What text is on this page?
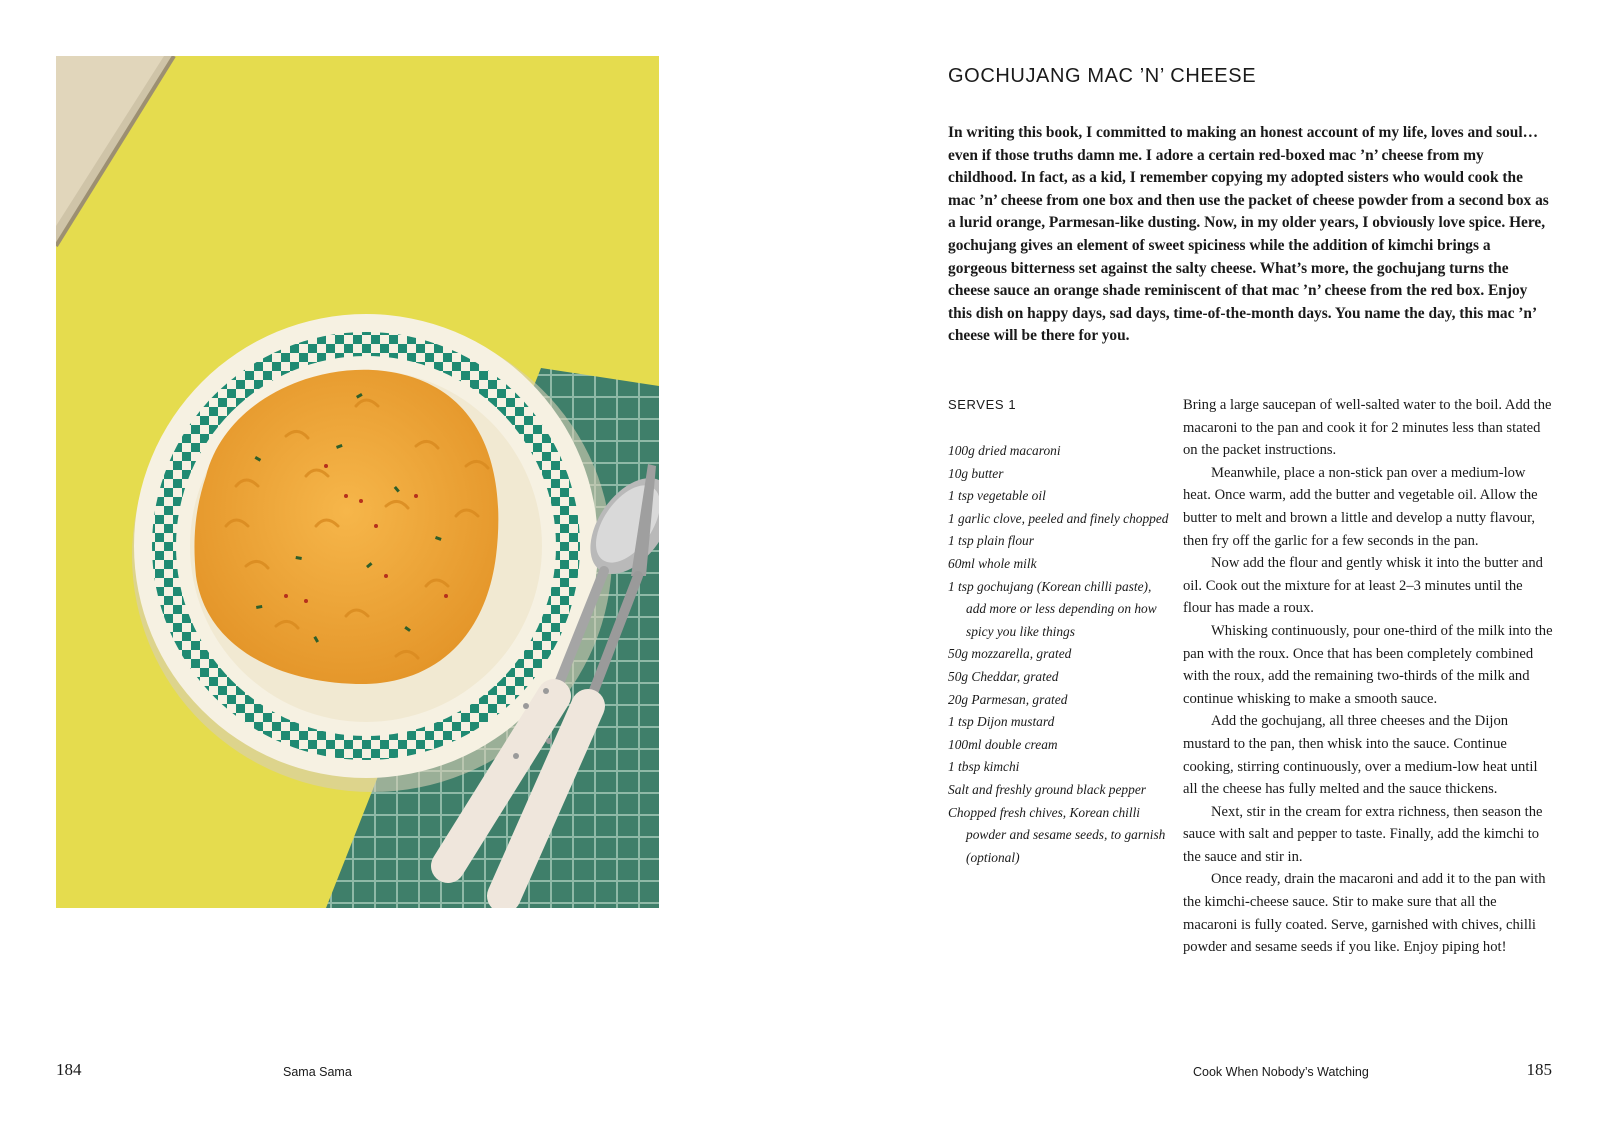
GOCHUJANG MAC ’N’ CHEESE

In writing this book, I committed to making an honest account of my life, loves and soul… even if those truths damn me. I adore a certain red-boxed mac ’n’ cheese from my childhood. In fact, as a kid, I remember copying my adopted sisters who would cook the mac ’n’ cheese from one box and then use the packet of cheese powder from a second box as a lurid orange, Parmesan-like dusting. Now, in my older years, I obviously love spice. Here, gochujang gives an element of sweet spiciness while the addition of kimchi brings a gorgeous bitterness set against the salty cheese. What’s more, the gochujang turns the cheese sauce an orange shade reminiscent of that mac ’n’ cheese from the red box. Enjoy this dish on happy days, sad days, time-of-the-month days. You name the day, this mac ’n’ cheese will be there for you.

SERVES 1

100g dried macaroni
10g butter
1 tsp vegetable oil
1 garlic clove, peeled and finely chopped
1 tsp plain flour
60ml whole milk
1 tsp gochujang (Korean chilli paste), add more or less depending on how spicy you like things
50g mozzarella, grated
50g Cheddar, grated
20g Parmesan, grated
1 tsp Dijon mustard
100ml double cream
1 tbsp kimchi
Salt and freshly ground black pepper
Chopped fresh chives, Korean chilli powder and sesame seeds, to garnish (optional)

Bring a large saucepan of well-salted water to the boil. Add the macaroni to the pan and cook it for 2 minutes less than stated on the packet instructions.

Meanwhile, place a non-stick pan over a medium-low heat. Once warm, add the butter and vegetable oil. Allow the butter to melt and brown a little and develop a nutty flavour, then fry off the garlic for a few seconds in the pan.

Now add the flour and gently whisk it into the butter and oil. Cook out the mixture for at least 2–3 minutes until the flour has made a roux.

Whisking continuously, pour one-third of the milk into the pan with the roux. Once that has been completely combined with the roux, add the remaining two-thirds of the milk and continue whisking to make a smooth sauce.

Add the gochujang, all three cheeses and the Dijon mustard to the pan, then whisk into the sauce. Continue cooking, stirring continuously, over a medium-low heat until all the cheese has fully melted and the sauce thickens.

Next, stir in the cream for extra richness, then season the sauce with salt and pepper to taste. Finally, add the kimchi to the sauce and stir in.

Once ready, drain the macaroni and add it to the pan with the kimchi-cheese sauce. Stir to make sure that all the macaroni is fully coated. Serve, garnished with chives, chilli powder and sesame seeds if you like. Enjoy piping hot!

184	Sama Sama	Cook When Nobody’s Watching	185
